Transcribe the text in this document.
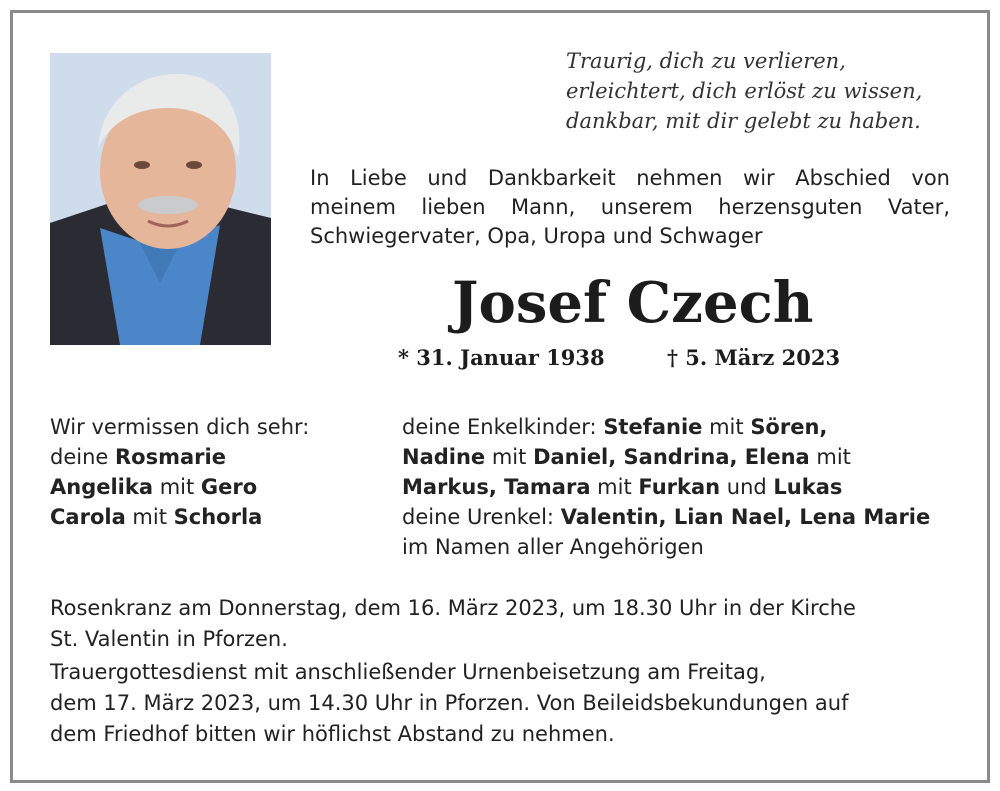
Traurig, dich zu verlieren,
erleichtert, dich erlöst zu wissen,
dankbar, mit dir gelebt zu haben.
In Liebe und Dankbarkeit nehmen wir Abschied von
meinem lieben Mann, unserem herzensguten Vater,
Schwiegervater, Opa, Uropa und Schwager
Josef Czech
* 31. Januar 1938	† 5. März 2023
Wir vermissen dich sehr:
deine Rosmarie
Angelika mit Gero
Carola mit Schorla
deine Enkelkinder: Stefanie mit Sören,
Nadine mit Daniel, Sandrina, Elena mit
Markus, Tamara mit Furkan und Lukas
deine Urenkel: Valentin, Lian Nael, Lena Marie
im Namen aller Angehörigen
Rosenkranz am Donnerstag, dem 16. März 2023, um 18.30 Uhr in der Kirche
St. Valentin in Pforzen.
Trauergottesdienst mit anschließender Urnenbeisetzung am Freitag,
dem 17. März 2023, um 14.30 Uhr in Pforzen. Von Beileidsbekundungen auf
dem Friedhof bitten wir höflichst Abstand zu nehmen.
